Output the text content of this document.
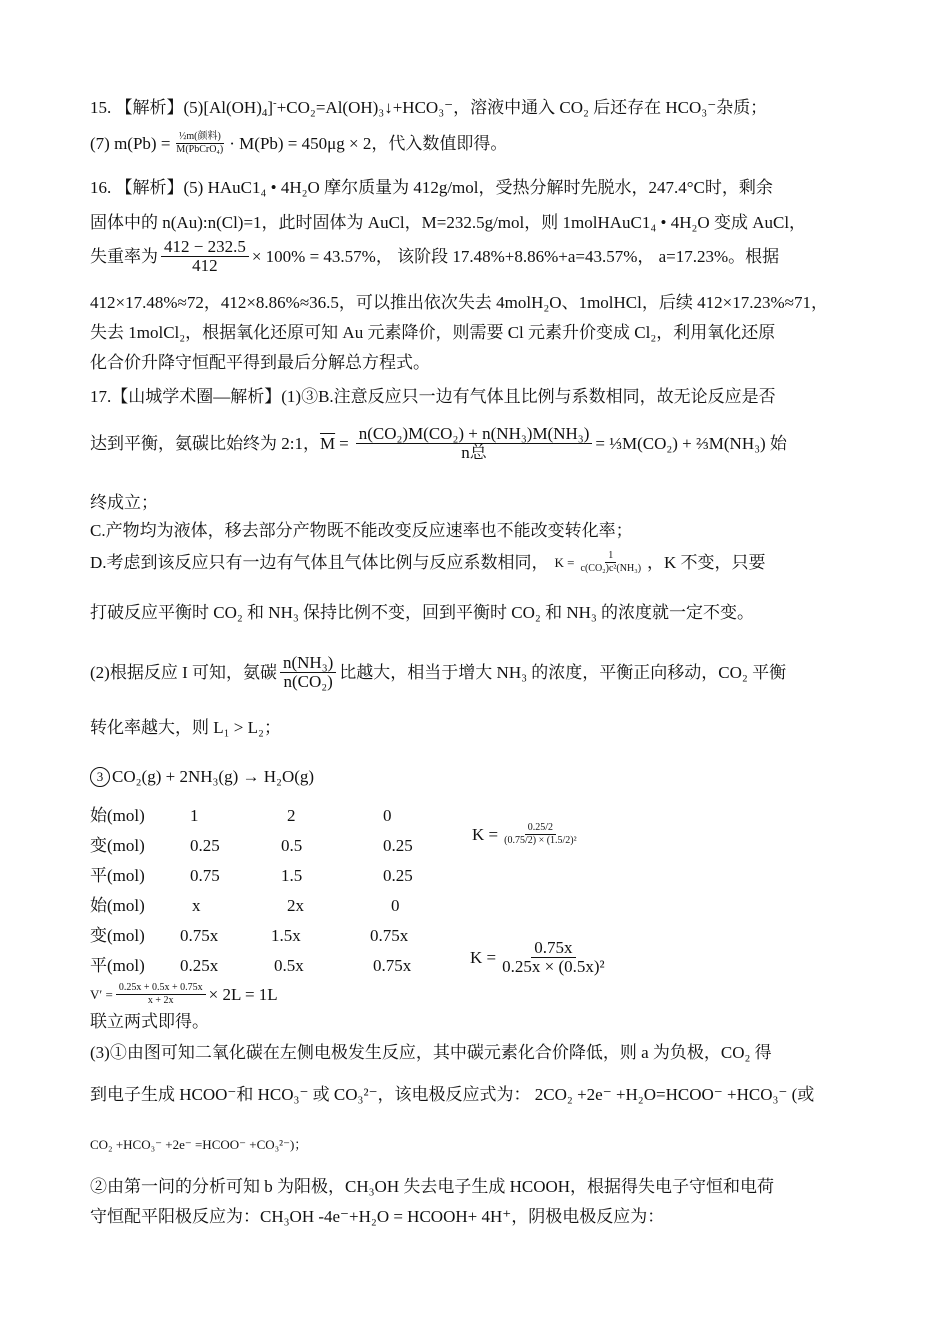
15. 【解析】$(5)[Al(OH)_4]^-+CO_2=Al(OH)_3↓+HCO_3^-$，溶液中通入 CO₂ 后还存在 HCO₃⁻杂质；
(7) $m(Pb) = \frac{\text{½m(颜料)}}{\text{M(PbCrO₄)}} \cdot M(Pb) = 450\mu g \times 2$，代入数值即得。
16. 【解析】(5) HAuC1₄ • 4H₂O 摩尔质量为 412g/mol，受热分解时先脱水，247.4°C时，剩余
固体中的 n(Au):n(Cl)=1，此时固体为 AuCl，M=232.5g/mol，则 1molHAuC1₄ • 4H₂O 变成 AuCl，
失重率为 $\frac{412 - 232.5}{412} \times 100\% = 43.57\%$， 该阶段 17.48%+8.86%+a=43.57%， a=17.23%。根据
412×17.48%≈72，412×8.86%≈36.5，可以推出依次失去 4molH₂O、1molHCl，后续 412×17.23%≈71，
失去 1molCl₂，根据氧化还原可知 Au 元素降价，则需要 Cl 元素升价变成 Cl₂，利用氧化还原
化合价升降守恒配平得到最后分解总方程式。
17.【山城学术圈—解析】(1)③B.注意反应只一边有气体且比例与系数相同，故无论反应是否
达到平衡，氨碳比始终为 2:1， $\overline{M} = \frac{\text{n(CO₂)M(CO₂) + n(NH₃)M(NH₃)}}{\text{n总}}$ = ⅓M(CO₂) + ⅔M(NH₃) 始
终成立；
C.产物均为液体，移去部分产物既不能改变反应速率也不能改变转化率；
D.考虑到该反应只有一边有气体且气体比例与反应系数相同， $K = \frac{1}{\text{c(CO₂)c²(NH₃)}}$ ，K 不变，只要
打破反应平衡时 CO₂ 和 NH₃ 保持比例不变，回到平衡时 CO₂ 和 NH₃ 的浓度就一定不变。
(2)根据反应 I 可知，氨碳 $\frac{\text{n(NH₃)}}{\text{n(CO₂)}}$ 比越大，相当于增大 NH₃ 的浓度，平衡正向移动，CO₂ 平衡
转化率越大，则 L₁ > L₂；
3 CO₂(g) + 2NH₃(g) → H₂O(g)
始(mol)	1	2	0
变(mol)	0.25	0.5	0.25
平(mol)	0.75	1.5	0.25
始(mol)	x	2x	0
变(mol) 0.75x	1.5x	0.75x
平(mol) 0.25x	0.5x	0.75x
$K = \frac{0.25/2}{\text{(0.75/2) × (1.5/2)²}}$
$K = \frac{0.75x}{\text{0.25x × (0.5x)²}}$
$V' = \frac{0.25x + 0.5x + 0.75x}{x + 2x} \times 2L = 1L$
联立两式即得。
(3)①由图可知二氧化碳在左侧电极发生反应，其中碳元素化合价降低，则 a 为负极，CO₂ 得
到电子生成 HCOO⁻和 HCO₃⁻ 或 CO₃²⁻，该电极反应式为： 2CO₂ +2e⁻ +H₂O=HCOO⁻ +HCO₃⁻ (或
CO₂ +HCO₃⁻ +2e⁻ =HCOO⁻ +CO₃²⁻)；
②由第一问的分析可知 b 为阳极，CH₃OH 失去电子生成 HCOOH，根据得失电子守恒和电荷
守恒配平阳极反应为：CH₃OH -4e⁻+H₂O = HCOOH+ 4H⁺，阴极电极反应为：
